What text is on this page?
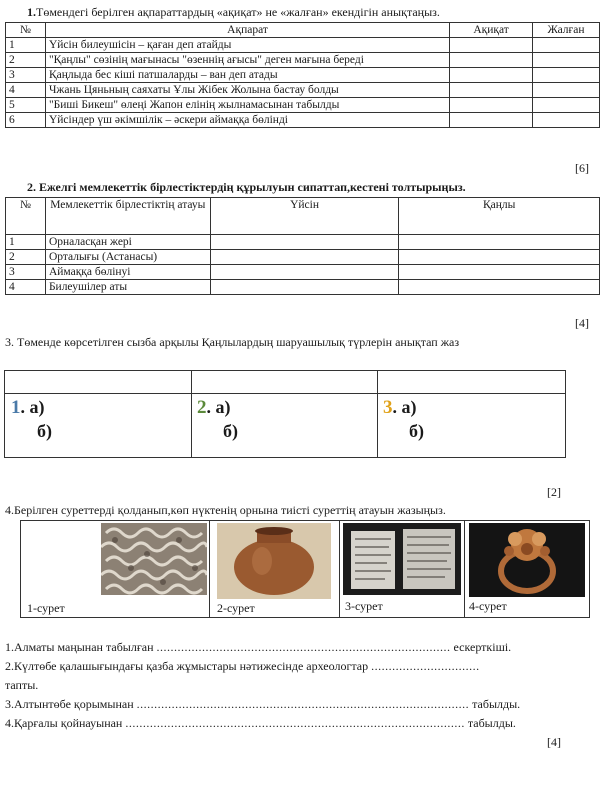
1.Төмендегі берілген ақпараттардың «ақиқат» не «жалған» екендігін анықтаңыз.
№	Ақпарат	Ақиқат	Жалған
1	Үйсін билеушісін – қаған деп атайды		
2	"Қаңлы" сөзінің мағынасы "өзеннің ағысы" деген мағына береді		
3	Қаңлыда бес кіші патшаларды – ван деп атады		
4	Чжань Цяньның саяхаты Ұлы Жібек Жолына бастау болды		
5	"Биші Бикеш" өлеңі Жапон елінің жылнамасынан табылды		
6	Үйсіндер үш әкімшілік – әскери аймаққа бөлінді		
[6]
2. Ежелгі мемлекеттік бірлестіктердің құрылуын сипаттап,кестені толтырыңыз.
№	Мемлекеттік бірлестіктің атауы	Үйсін	Қаңлы
1	Орналасқан жері		
2	Орталығы (Астанасы)		
3	Аймаққа бөлінуі		
4	Билеушілер аты		
[4]
3. Төменде көрсетілген сызба арқылы Қаңлылардың шаруашылық түрлерін анықтап жаз
1. а)
б)
2. а)
б)
3. а)
б)
[2]
4.Берілген суреттерді қолданып,көп нүктенің орнына тиісті суреттің атауын жазыңыз.
1-сурет	2-сурет	3-сурет	4-сурет
1.Алматы маңынан табылған .................................................................................... ескерткіші.
2.Күлтөбе қалашығындағы қазба жұмыстары нәтижесінде археологтар ...............................
тапты.
3.Алтынтөбе қорымынан ............................................................................................... табылды.
4.Қарғалы қойнауынан ................................................................................................. табылды.
[4]
